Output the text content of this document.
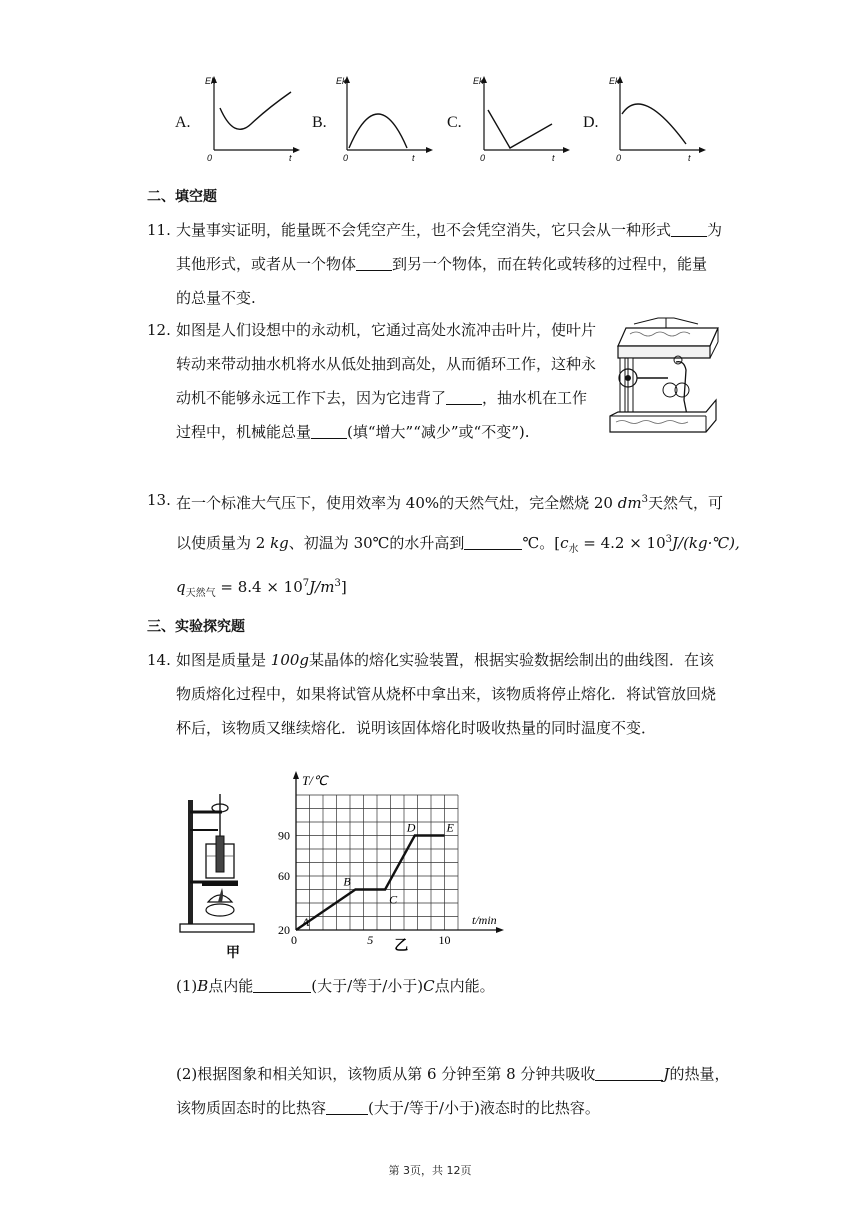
A.	B.	C.	D.
Ek
t
0
Ek
t
0
Ek
t
0
Ek
t
0
二、填空题
11. 大量事实证明，能量既不会凭空产生，也不会凭空消失，它只会从一种形式 为
其他形式，或者从一个物体 到另一个物体，而在转化或转移的过程中，能量
的总量不变.
12. 如图是人们设想中的永动机，它通过高处水流冲击叶片，使叶片
转动来带动抽水机将水从低处抽到高处，从而循环工作，这种永
动机不能够永远工作下去，因为它违背了 ，抽水机在工作
过程中，机械能总量 (填“增大”“减少”或“不变”).
13. 在一个标准大气压下，使用效率为 40%的天然气灶，完全燃烧 20 $dm^3$天然气，可
以使质量为 2 kg、初温为 30℃的水升高到	℃。[$c_水 = 4.2$ × $10^3J/(kg\cdot℃)$,
$q_{天然气} = 8.4 \times 10^7J/m^3$]
三、实验探究题
14. 如图是质量是 100g某晶体的熔化实验装置，根据实验数据绘制出的曲线图．在该
物质熔化过程中，如果将试管从烧杯中拿出来，该物质将停止熔化．将试管放回烧
杯后，该物质又继续熔化．说明该固体熔化时吸收热量的同时温度不变．
甲
T/℃
t/min
20
60
90
0	5	10
A
B
C
D	E
乙
(1)B点内能	(大于/等于/小于)C点内能。
(2)根据图象和相关知识，该物质从第 6 分钟至第 8 分钟共吸收	J的热量，
该物质固态时的比热容	(大于/等于/小于)液态时的比热容。
第 3页，共 12页
